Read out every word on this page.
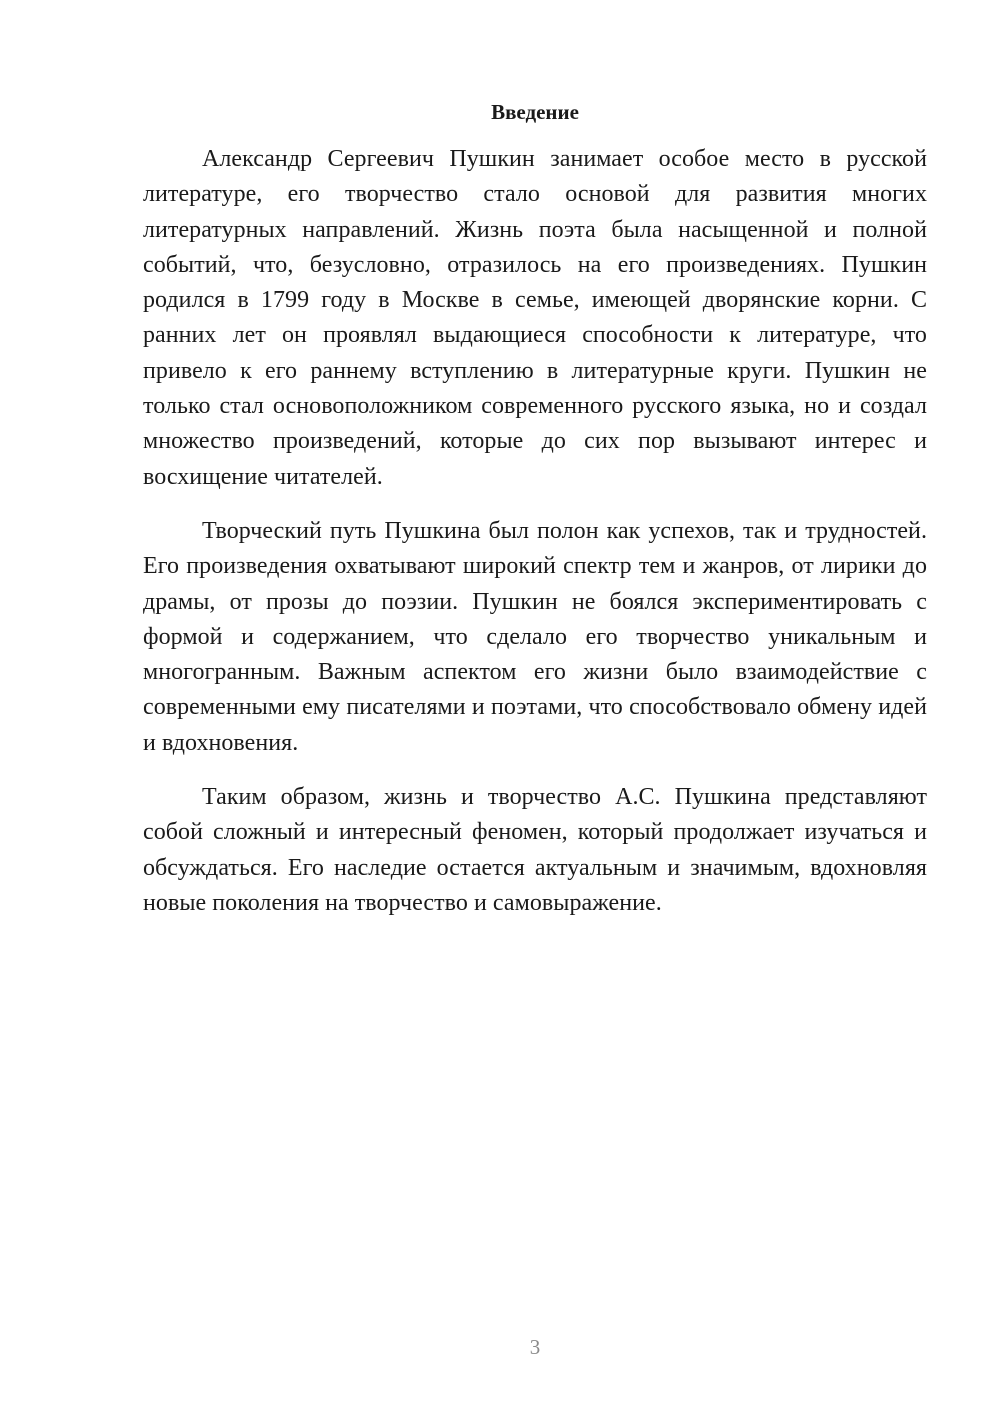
Введение

Александр Сергеевич Пушкин занимает особое место в русской литературе, его творчество стало основой для развития многих литературных направлений. Жизнь поэта была насыщенной и полной событий, что, безусловно, отразилось на его произведениях. Пушкин родился в 1799 году в Москве в семье, имеющей дворянские корни. С ранних лет он проявлял выдающиеся способности к литературе, что привело к его раннему вступлению в литературные круги. Пушкин не только стал основоположником современного русского языка, но и создал множество произведений, которые до сих пор вызывают интерес и восхищение читателей.

Творческий путь Пушкина был полон как успехов, так и трудностей. Его произведения охватывают широкий спектр тем и жанров, от лирики до драмы, от прозы до поэзии. Пушкин не боялся экспериментировать с формой и содержанием, что сделало его творчество уникальным и многогранным. Важным аспектом его жизни было взаимодействие с современными ему писателями и поэтами, что способствовало обмену идей и вдохновения.

Таким образом, жизнь и творчество А.С. Пушкина представляют собой сложный и интересный феномен, который продолжает изучаться и обсуждаться. Его наследие остается актуальным и значимым, вдохновляя новые поколения на творчество и самовыражение.

3
